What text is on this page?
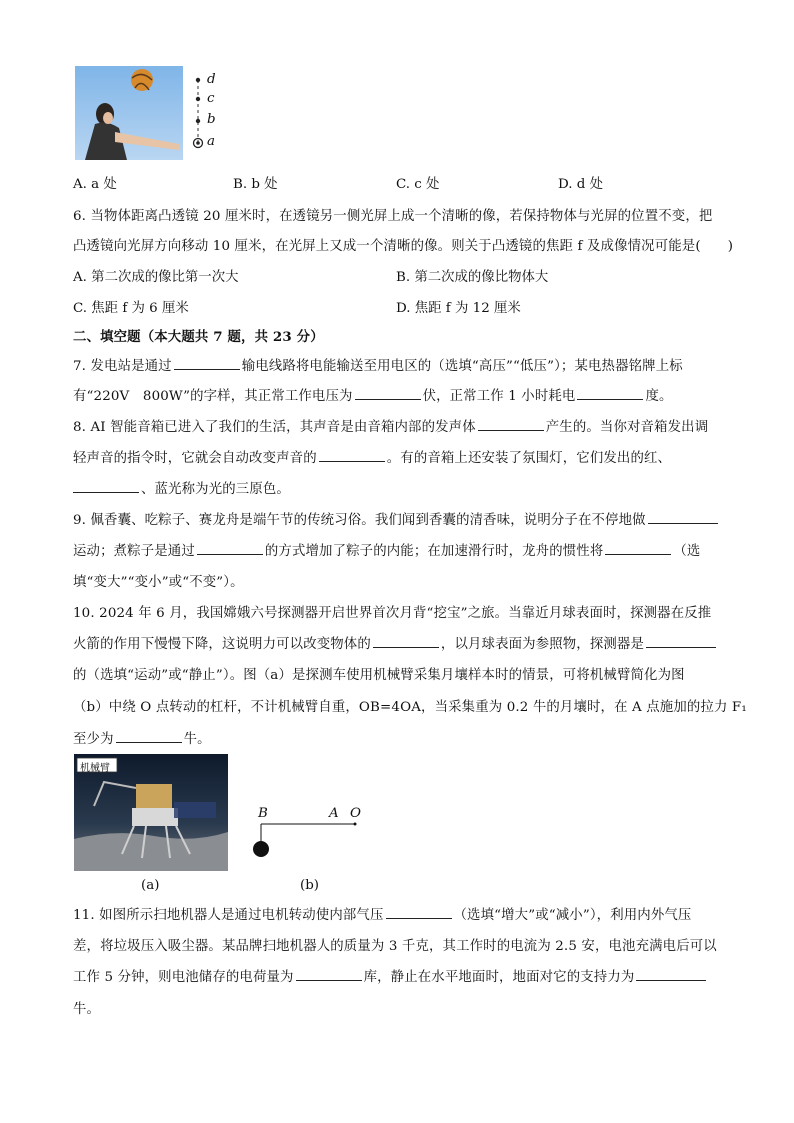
d
c
b
a
A. a 处	B. b 处	C. c 处	D. d 处
6. 当物体距离凸透镜 20 厘米时，在透镜另一侧光屏上成一个清晰的像，若保持物体与光屏的位置不变，把
凸透镜向光屏方向移动 10 厘米，在光屏上又成一个清晰的像。则关于凸透镜的焦距 f 及成像情况可能是(　　)
A. 第二次成的像比第一次大	B. 第二次成的像比物体大
C. 焦距 f 为 6 厘米	D. 焦距 f 为 12 厘米
二、填空题（本大题共 7 题，共 23 分）
7. 发电站是通过	输电线路将电能输送至用电区的（选填“高压”“低压”）；某电热器铭牌上标
有“220V　800W”的字样，其正常工作电压为	伏，正常工作 1 小时耗电	度。
8. AI 智能音箱已进入了我们的生活，其声音是由音箱内部的发声体	产生的。当你对音箱发出调
轻声音的指令时，它就会自动改变声音的	。有的音箱上还安装了氛围灯，它们发出的红、
、蓝光称为光的三原色。
9. 佩香囊、吃粽子、赛龙舟是端午节的传统习俗。我们闻到香囊的清香味，说明分子在不停地做
运动；煮粽子是通过	的方式增加了粽子的内能；在加速滑行时，龙舟的惯性将	（选
填“变大”“变小”或“不变”）。
10. 2024 年 6 月，我国嫦娥六号探测器开启世界首次月背“挖宝”之旅。当靠近月球表面时，探测器在反推
火箭的作用下慢慢下降，这说明力可以改变物体的	，以月球表面为参照物，探测器是
的（选填“运动”或“静止”）。图（a）是探测车使用机械臂采集月壤样本时的情景，可将机械臂简化为图
（b）中绕 O 点转动的杠杆，不计机械臂自重，OB=4OA，当采集重为 0.2 牛的月壤时，在 A 点施加的拉力 F₁
至少为	牛。
机械臂
B	A O
(a)	(b)
11. 如图所示扫地机器人是通过电机转动使内部气压	（选填“增大”或“减小”），利用内外气压
差，将垃圾压入吸尘器。某品牌扫地机器人的质量为 3 千克，其工作时的电流为 2.5 安，电池充满电后可以
工作 5 分钟，则电池储存的电荷量为	库，静止在水平地面时，地面对它的支持力为
牛。
